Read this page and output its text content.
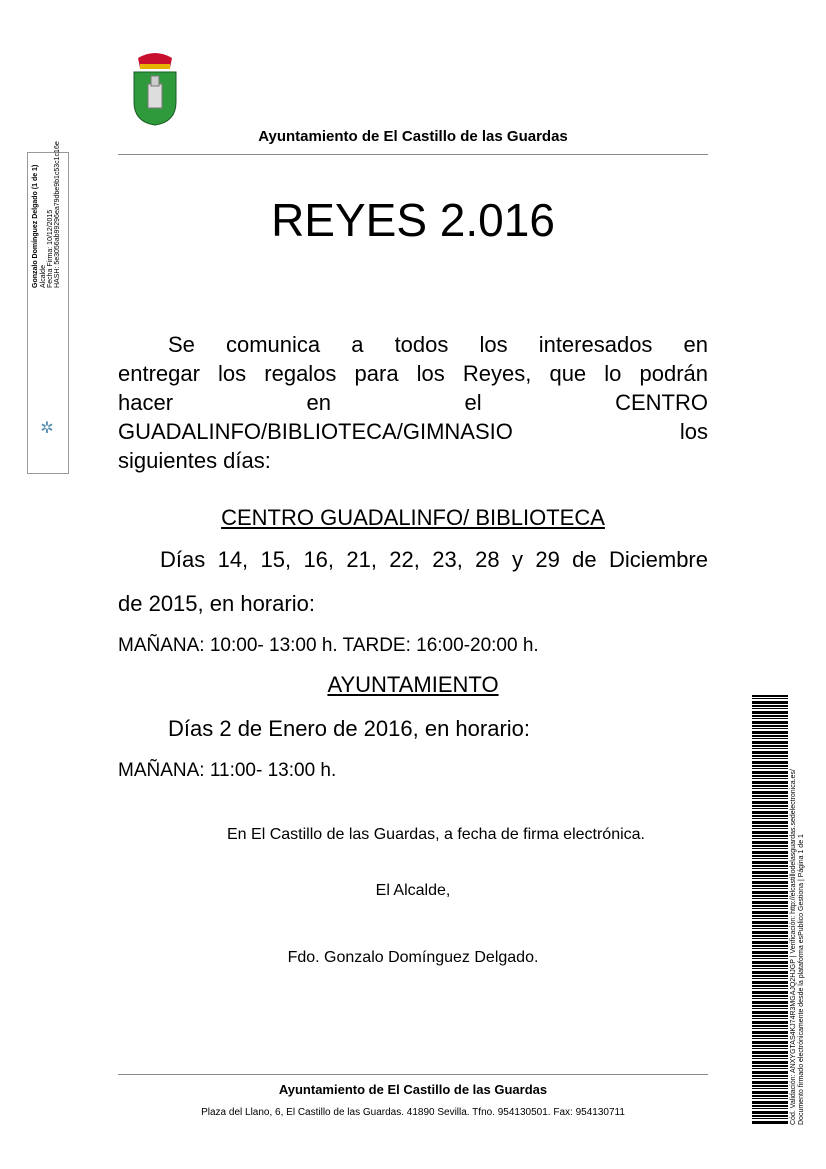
Ayuntamiento de El Castillo de las Guardas
Gonzalo Domínguez Delgado (1 de 1) Alcalde Fecha Firma: 10/12/2015 HASH: 5e3056ab99296ea79dbe9b1c53c1c16e
✲
REYES 2.016
Se comunica a todos los interesados en
entregar los regalos para los Reyes, que lo podrán
hacer en el CENTRO
GUADALINFO/BIBLIOTECA/GIMNASIO los
siguientes días:
CENTRO GUADALINFO/ BIBLIOTECA
Días 14, 15, 16, 21, 22, 23, 28 y 29 de Diciembre
de 2015, en horario:
MAÑANA: 10:00- 13:00 h. TARDE: 16:00-20:00 h.
AYUNTAMIENTO
Días 2 de Enero de 2016, en horario:
MAÑANA: 11:00- 13:00 h.
En El Castillo de las Guardas, a fecha de firma electrónica.
El Alcalde,
Fdo. Gonzalo Domínguez Delgado.	Cód. Validación: ANXYGTAS4KJ74R3MGAJQ2HJGP | Verificación: http://elcastillodelasguardas.sedelectronica.es/ Documento firmado electrónicamente desde la plataforma esPublico Gestiona | Página 1 de 1
Ayuntamiento de El Castillo de las Guardas
Plaza del Llano, 6, El Castillo de las Guardas. 41890 Sevilla. Tfno. 954130501. Fax: 954130711
